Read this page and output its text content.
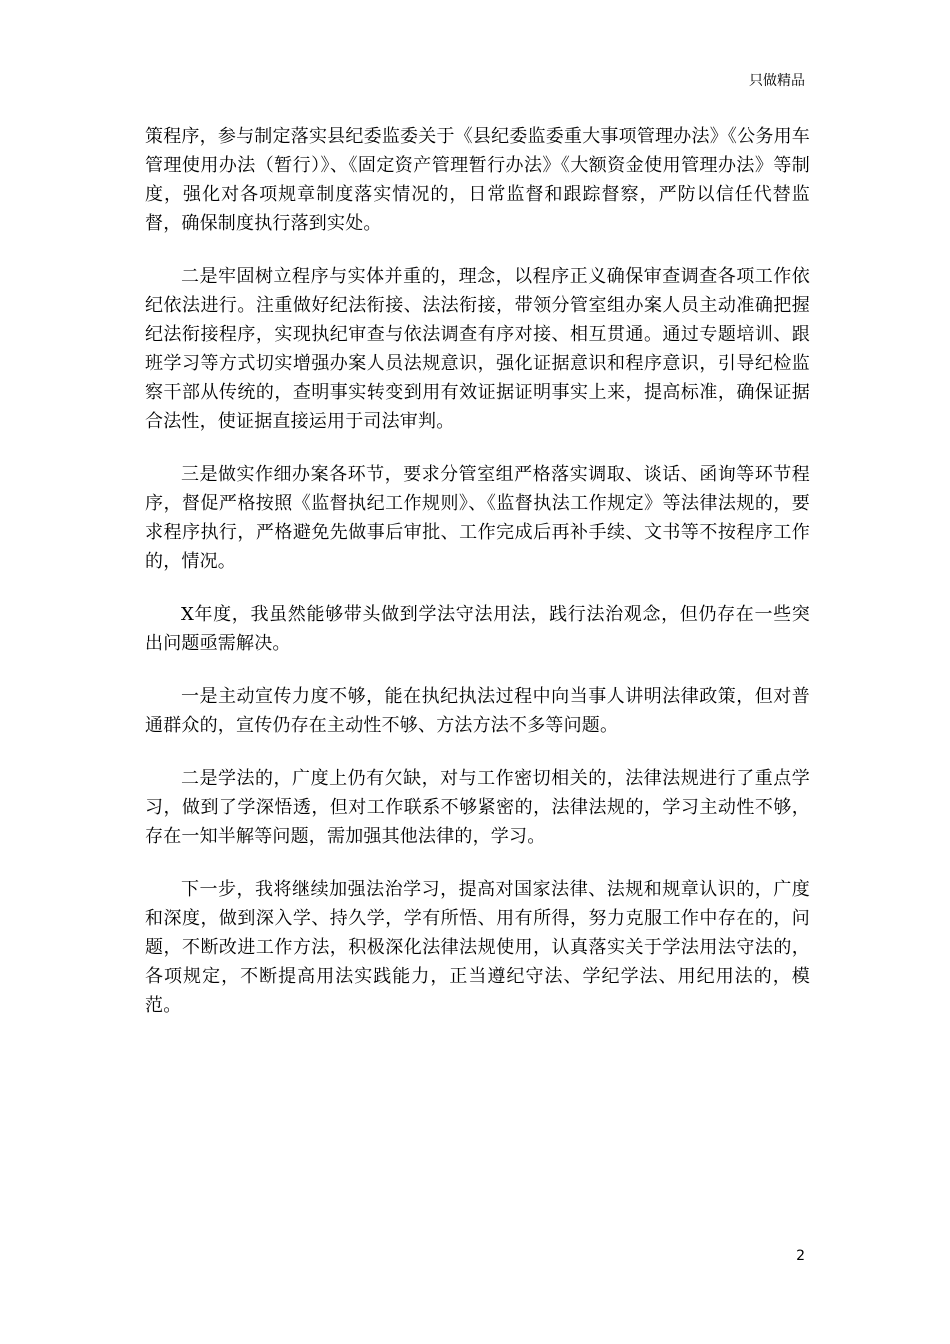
只做精品

策程序，参与制定落实县纪委监委关于《县纪委监委重大事项管理办法》《公务用车管理使用办法（暂行）》、《固定资产管理暂行办法》《大额资金使用管理办法》等制度，强化对各项规章制度落实情况的，日常监督和跟踪督察，严防以信任代替监督，确保制度执行落到实处。

二是牢固树立程序与实体并重的，理念，以程序正义确保审查调查各项工作依纪依法进行。注重做好纪法衔接、法法衔接，带领分管室组办案人员主动准确把握纪法衔接程序，实现执纪审查与依法调查有序对接、相互贯通。通过专题培训、跟班学习等方式切实增强办案人员法规意识，强化证据意识和程序意识，引导纪检监察干部从传统的，查明事实转变到用有效证据证明事实上来，提高标准，确保证据合法性，使证据直接运用于司法审判。

三是做实作细办案各环节，要求分管室组严格落实调取、谈话、函询等环节程序，督促严格按照《监督执纪工作规则》、《监督执法工作规定》等法律法规的，要求程序执行，严格避免先做事后审批、工作完成后再补手续、文书等不按程序工作的，情况。

X年度，我虽然能够带头做到学法守法用法，践行法治观念，但仍存在一些突出问题亟需解决。

一是主动宣传力度不够，能在执纪执法过程中向当事人讲明法律政策，但对普通群众的，宣传仍存在主动性不够、方法方法不多等问题。

二是学法的，广度上仍有欠缺，对与工作密切相关的，法律法规进行了重点学习，做到了学深悟透，但对工作联系不够紧密的，法律法规的，学习主动性不够，存在一知半解等问题，需加强其他法律的，学习。

下一步，我将继续加强法治学习，提高对国家法律、法规和规章认识的，广度和深度，做到深入学、持久学，学有所悟、用有所得，努力克服工作中存在的，问题，不断改进工作方法，积极深化法律法规使用，认真落实关于学法用法守法的，各项规定，不断提高用法实践能力，正当遵纪守法、学纪学法、用纪用法的，模范。

2
